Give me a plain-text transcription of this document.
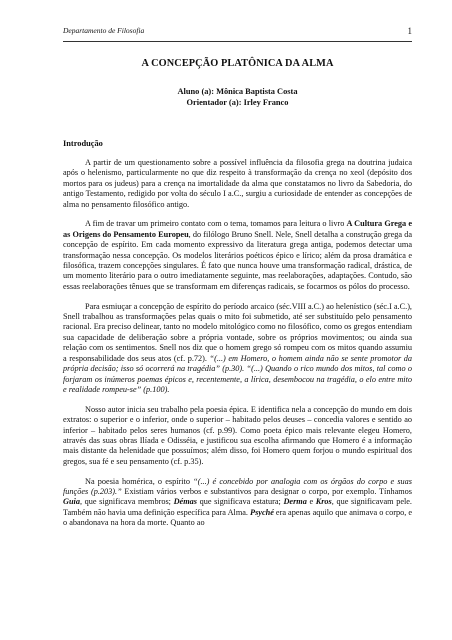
Departamento de Filosofia	1
A CONCEPÇÃO PLATÔNICA DA ALMA
Aluno (a): Mônica Baptista Costa
Orientador (a): Irley Franco
Introdução

A partir de um questionamento sobre a possível influência da filosofia grega na doutrina judaica após o helenismo, particularmente no que diz respeito à transformação da crença no xeol (depósito dos mortos para os judeus) para a crença na imortalidade da alma que constatamos no livro da Sabedoria, do antigo Testamento, redigido por volta do século I a.C., surgiu a curiosidade de entender as concepções de alma no pensamento filosófico antigo.

A fim de travar um primeiro contato com o tema, tomamos para leitura o livro A Cultura Grega e as Origens do Pensamento Europeu, do filólogo Bruno Snell. Nele, Snell detalha a construção grega da concepção de espírito. Em cada momento expressivo da literatura grega antiga, podemos detectar uma transformação nessa concepção. Os modelos literários poéticos épico e lírico; além da prosa dramática e filosófica, trazem concepções singulares. É fato que nunca houve uma transformação radical, drástica, de um momento literário para o outro imediatamente seguinte, mas reelaborações, adaptações. Contudo, são essas reelaborações tênues que se transformam em diferenças radicais, se focarmos os pólos do processo.

Para esmiuçar a concepção de espírito do período arcaico (séc.VIII a.C.) ao helenístico (séc.I a.C.), Snell trabalhou as transformações pelas quais o mito foi submetido, até ser substituído pelo pensamento racional. Era preciso delinear, tanto no modelo mitológico como no filosófico, como os gregos entendiam sua capacidade de deliberação sobre a própria vontade, sobre os próprios movimentos; ou ainda sua relação com os sentimentos. Snell nos diz que o homem grego só rompeu com os mitos quando assumiu a responsabilidade dos seus atos (cf. p.72). “(...) em Homero, o homem ainda não se sente promotor da própria decisão; isso só ocorrerá na tragédia” (p.30). “(...) Quando o rico mundo dos mitos, tal como o forjaram os inúmeros poemas épicos e, recentemente, a lírica, desembocou na tragédia, o elo entre mito e realidade rompeu-se” (p.100).

Nosso autor inicia seu trabalho pela poesia épica. E identifica nela a concepção do mundo em dois extratos: o superior e o inferior, onde o superior – habitado pelos deuses – concedia valores e sentido ao inferior – habitado pelos seres humanos (cf. p.99). Como poeta épico mais relevante elegeu Homero, através das suas obras Ilíada e Odisséia, e justificou sua escolha afirmando que Homero é a informação mais distante da helenidade que possuímos; além disso, foi Homero quem forjou o mundo espiritual dos gregos, sua fé e seu pensamento (cf. p.35).

Na poesia homérica, o espírito “(...) é concebido por analogia com os órgãos do corpo e suas funções (p.203).” Existiam vários verbos e substantivos para designar o corpo, por exemplo. Tínhamos Guia, que significava membros; Démas que significava estatura; Derma e Kros, que significavam pele. Também não havia uma definição específica para Alma. Psyché era apenas aquilo que animava o corpo, e o abandonava na hora da morte. Quanto ao
